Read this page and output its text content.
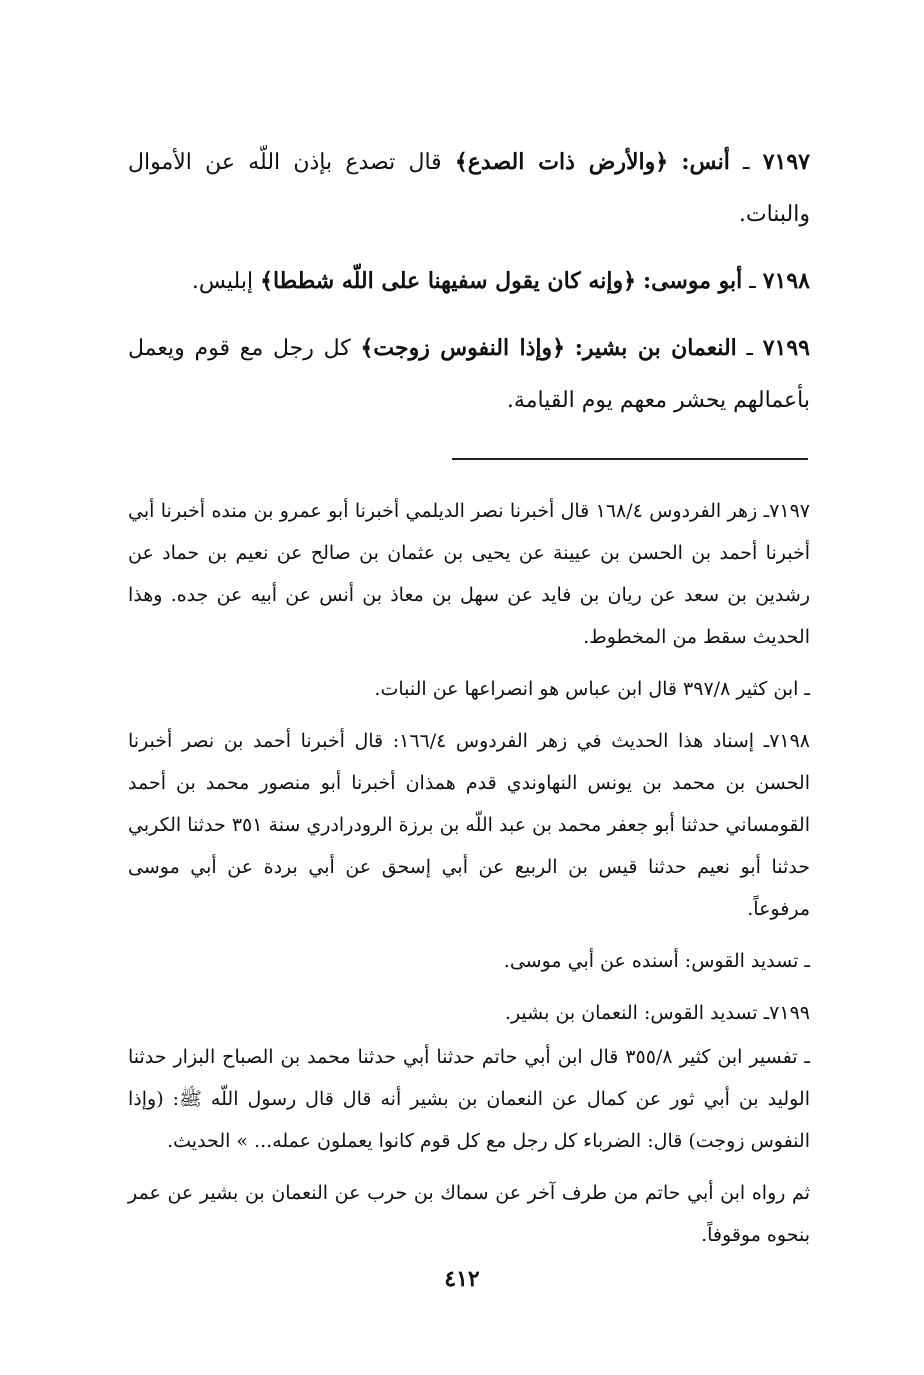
٧١٩٧ ـ أنس: ﴿والأرض ذات الصدع﴾ قال تصدع بإذن اللّه عن الأموال والبنات.

٧١٩٨ ـ أبو موسى: ﴿وإنه كان يقول سفيهنا على اللّه شططا﴾ إبليس.

٧١٩٩ ـ النعمان بن بشير: ﴿وإذا النفوس زوجت﴾ كل رجل مع قوم ويعمل بأعمالهم يحشر معهم يوم القيامة.

٧١٩٧ـ زهر الفردوس ١٦٨/٤ قال أخبرنا نصر الديلمي أخبرنا أبو عمرو بن منده أخبرنا أبي أخبرنا أحمد بن الحسن بن عيينة عن يحيى بن عثمان بن صالح عن نعيم بن حماد عن رشدين بن سعد عن ريان بن فايد عن سهل بن معاذ بن أنس عن أبيه عن جده. وهذا الحديث سقط من المخطوط.

ـ ابن كثير ٣٩٧/٨ قال ابن عباس هو انصراعها عن النبات.

٧١٩٨ـ إسناد هذا الحديث في زهر الفردوس ١٦٦/٤: قال أخبرنا أحمد بن نصر أخبرنا الحسن بن محمد بن يونس النهاوندي قدم همذان أخبرنا أبو منصور محمد بن أحمد القومساني حدثنا أبو جعفر محمد بن عبد اللّه بن برزة الرودرادري سنة ٣٥١ حدثنا الكربي حدثنا أبو نعيم حدثنا قيس بن الربيع عن أبي إسحق عن أبي بردة عن أبي موسى مرفوعاً.

ـ تسديد القوس: أسنده عن أبي موسى.

٧١٩٩ـ تسديد القوس: النعمان بن بشير.

ـ تفسير ابن كثير ٣٥٥/٨ قال ابن أبي حاتم حدثنا أبي حدثنا محمد بن الصباح البزار حدثنا الوليد بن أبي ثور عن كمال عن النعمان بن بشير أنه قال قال رسول اللّه ﷺ: (وإذا النفوس زوجت) قال: الضرباء كل رجل مع كل قوم كانوا يعملون عمله... » الحديث.

ثم رواه ابن أبي حاتم من طرف آخر عن سماك بن حرب عن النعمان بن بشير عن عمر بنحوه موقوفاً.

٤١٢
